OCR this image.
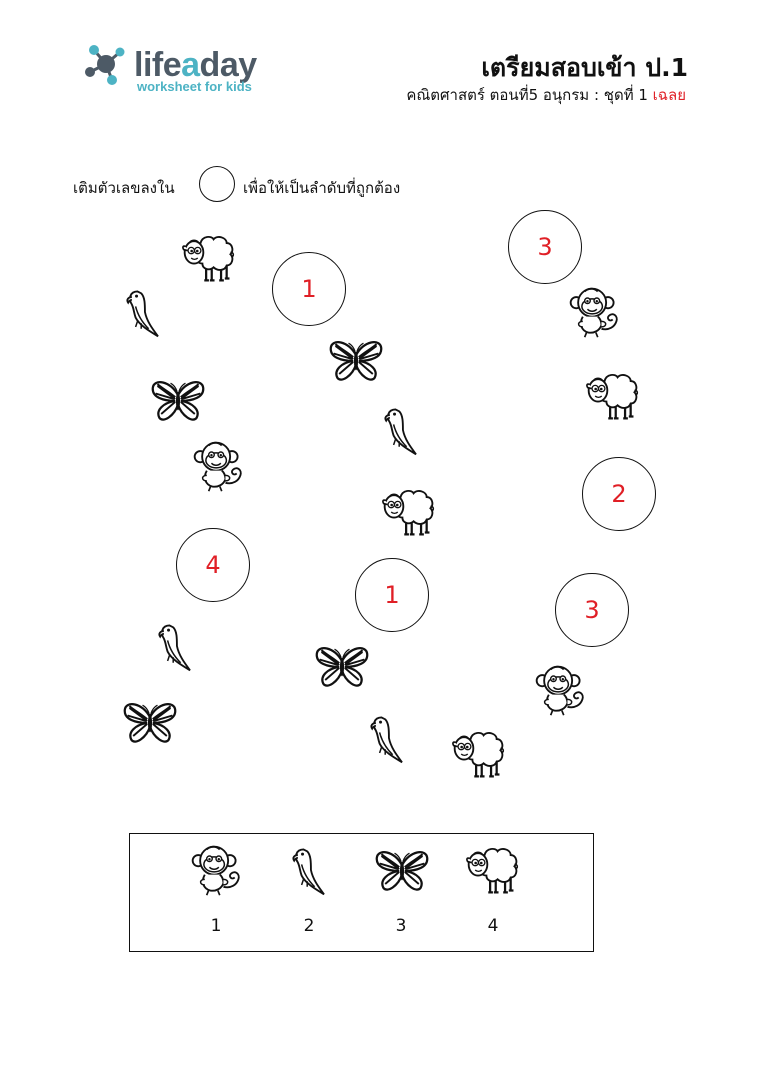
lifeaday
worksheet for kids
เตรียมสอบเข้า ป.1
คณิตศาสตร์ ตอนที่5 อนุกรม : ชุดที่ 1 เฉลย
เติมตัวเลขลงใน	เพื่อให้เป็นลำดับที่ถูกต้อง
1
4
1
3
2
3
1	2	3	4
